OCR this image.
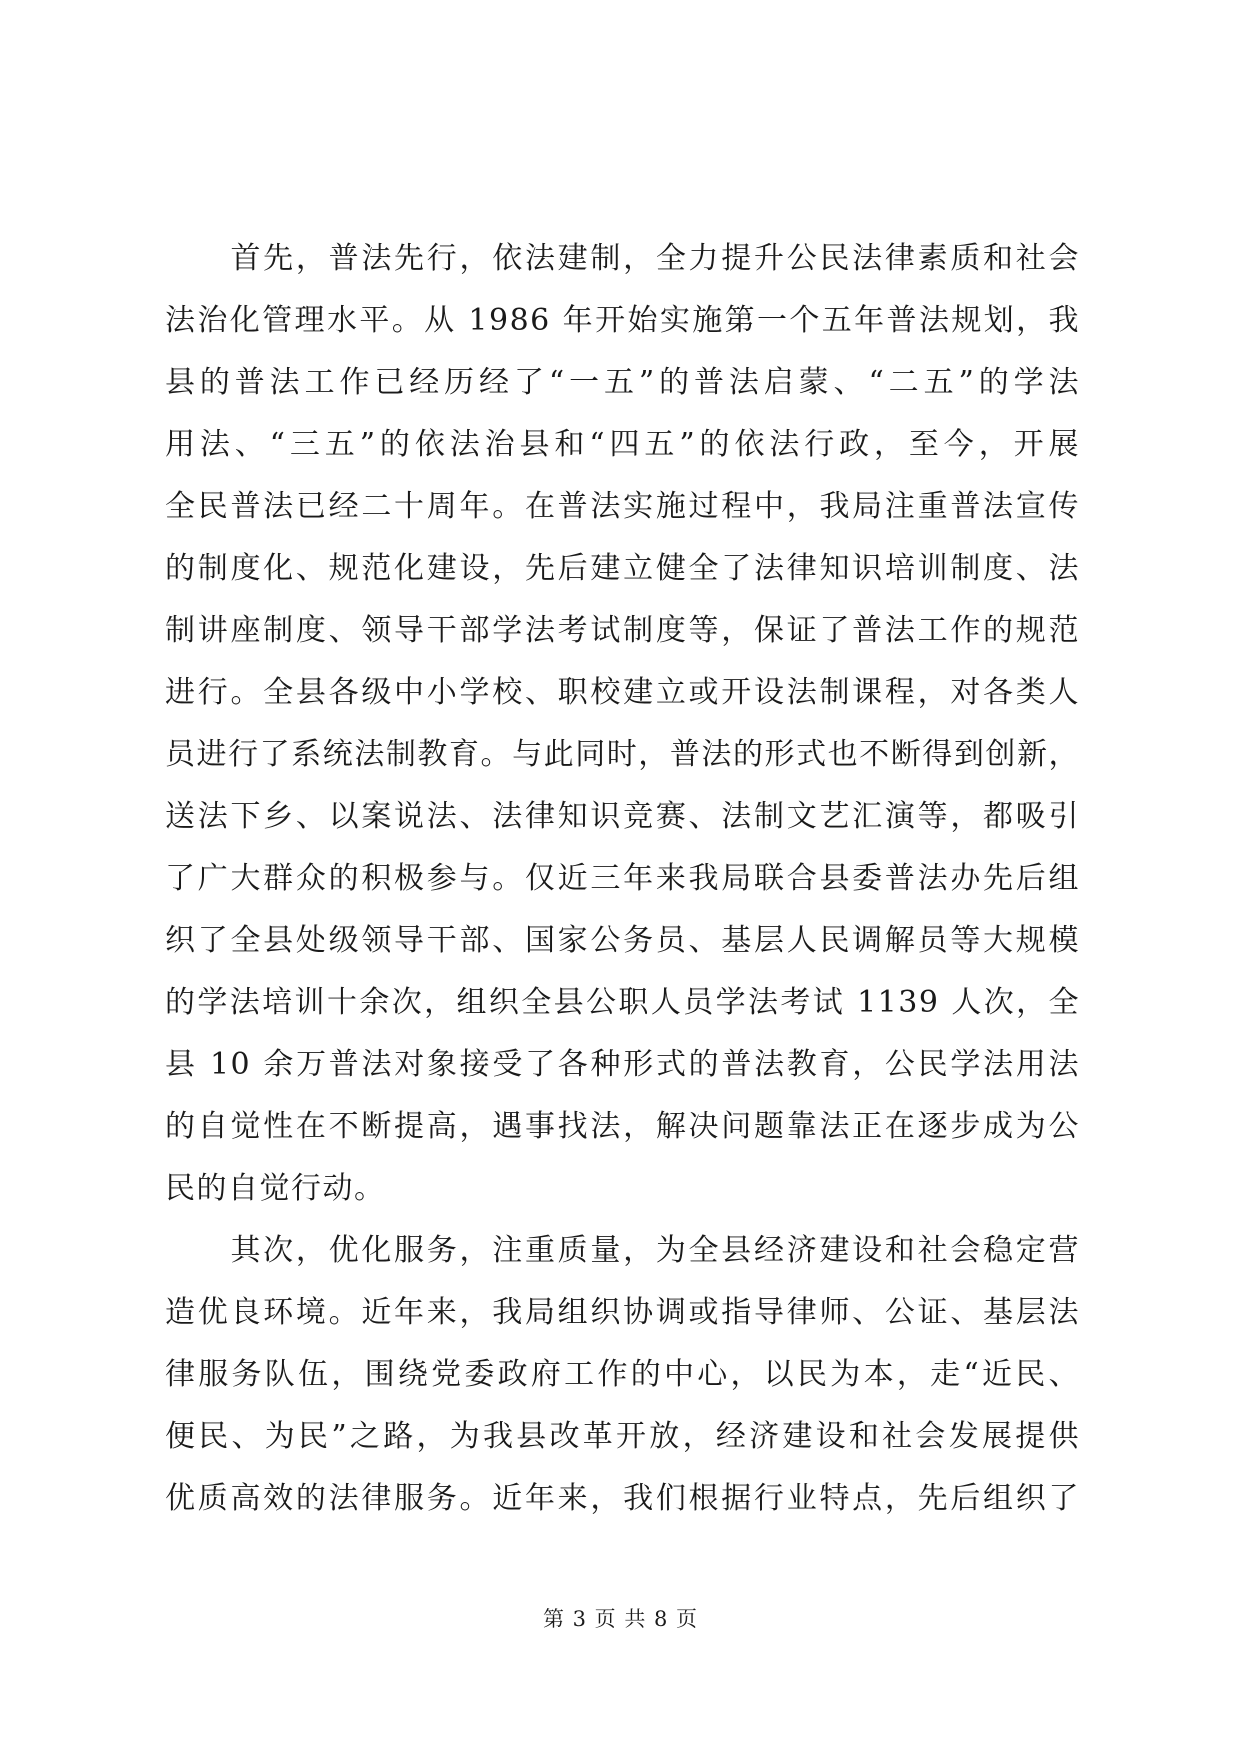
　　首先，普法先行，依法建制，全力提升公民法律素质和社会
法治化管理水平。从 1986 年开始实施第一个五年普法规划，我
县的普法工作已经历经了“一五”的普法启蒙、“二五”的学法
用法、“三五”的依法治县和“四五”的依法行政，至今，开展
全民普法已经二十周年。在普法实施过程中，我局注重普法宣传
的制度化、规范化建设，先后建立健全了法律知识培训制度、法
制讲座制度、领导干部学法考试制度等，保证了普法工作的规范
进行。全县各级中小学校、职校建立或开设法制课程，对各类人
员进行了系统法制教育。与此同时，普法的形式也不断得到创新，
送法下乡、以案说法、法律知识竞赛、法制文艺汇演等，都吸引
了广大群众的积极参与。仅近三年来我局联合县委普法办先后组
织了全县处级领导干部、国家公务员、基层人民调解员等大规模
的学法培训十余次，组织全县公职人员学法考试 1139 人次，全
县 10 余万普法对象接受了各种形式的普法教育，公民学法用法
的自觉性在不断提高，遇事找法，解决问题靠法正在逐步成为公
民的自觉行动。
　　其次，优化服务，注重质量，为全县经济建设和社会稳定营
造优良环境。近年来，我局组织协调或指导律师、公证、基层法
律服务队伍，围绕党委政府工作的中心，以民为本，走“近民、
便民、为民”之路，为我县改革开放，经济建设和社会发展提供
优质高效的法律服务。近年来，我们根据行业特点，先后组织了
第 3 页 共 8 页
